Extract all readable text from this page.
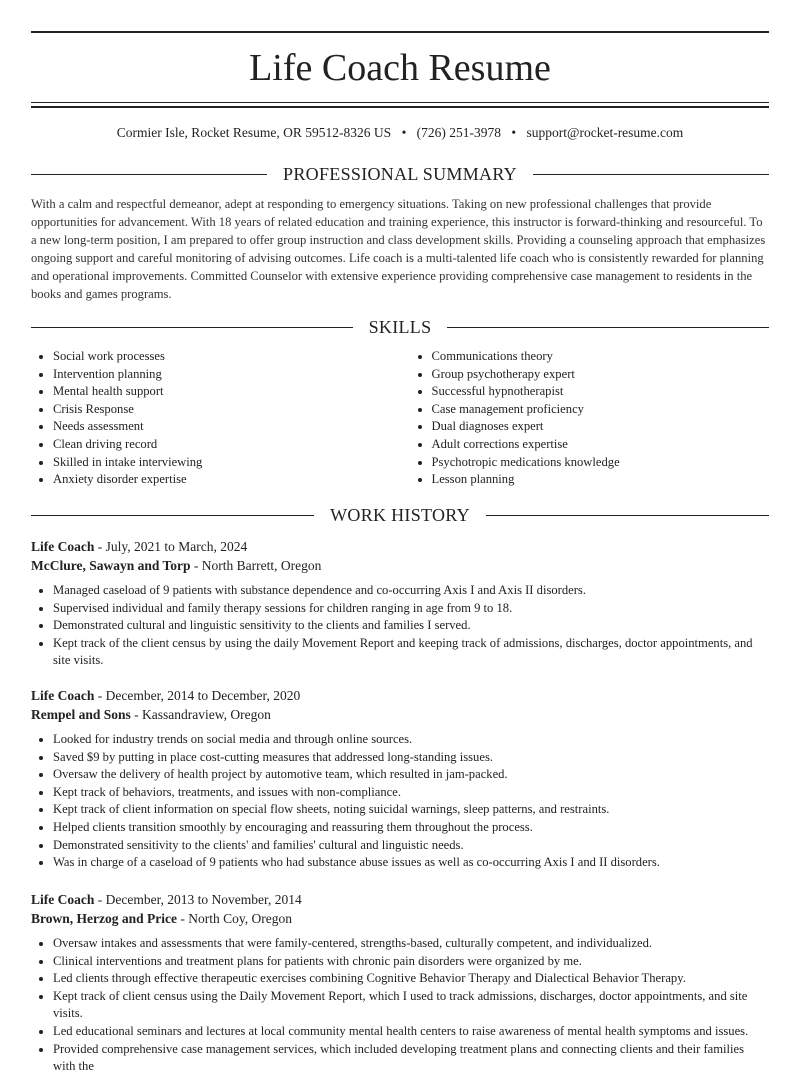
Life Coach Resume
Cormier Isle, Rocket Resume, OR 59512-8326 US • (726) 251-3978 • support@rocket-resume.com
PROFESSIONAL SUMMARY

With a calm and respectful demeanor, adept at responding to emergency situations. Taking on new professional challenges that provide opportunities for advancement. With 18 years of related education and training experience, this instructor is forward-thinking and resourceful. To a new long-term position, I am prepared to offer group instruction and class development skills. Providing a counseling approach that emphasizes ongoing support and careful monitoring of advising outcomes. Life coach is a multi-talented life coach who is consistently rewarded for planning and operational improvements. Committed Counselor with extensive experience providing comprehensive case management to residents in the books and games programs.

SKILLS
• Social work processes
• Intervention planning
• Mental health support
• Crisis Response
• Needs assessment
• Clean driving record
• Skilled in intake interviewing
• Anxiety disorder expertise
• Communications theory
• Group psychotherapy expert
• Successful hypnotherapist
• Case management proficiency
• Dual diagnoses expert
• Adult corrections expertise
• Psychotropic medications knowledge
• Lesson planning
WORK HISTORY
Life Coach - July, 2021 to March, 2024
McClure, Sawayn and Torp - North Barrett, Oregon
• Managed caseload of 9 patients with substance dependence and co-occurring Axis I and Axis II disorders.
• Supervised individual and family therapy sessions for children ranging in age from 9 to 18.
• Demonstrated cultural and linguistic sensitivity to the clients and families I served.
• Kept track of the client census by using the daily Movement Report and keeping track of admissions, discharges, doctor appointments, and site visits.
Life Coach - December, 2014 to December, 2020
Rempel and Sons - Kassandraview, Oregon
• Looked for industry trends on social media and through online sources.
• Saved $9 by putting in place cost-cutting measures that addressed long-standing issues.
• Oversaw the delivery of health project by automotive team, which resulted in jam-packed.
• Kept track of behaviors, treatments, and issues with non-compliance.
• Kept track of client information on special flow sheets, noting suicidal warnings, sleep patterns, and restraints.
• Helped clients transition smoothly by encouraging and reassuring them throughout the process.
• Demonstrated sensitivity to the clients' and families' cultural and linguistic needs.
• Was in charge of a caseload of 9 patients who had substance abuse issues as well as co-occurring Axis I and II disorders.
Life Coach - December, 2013 to November, 2014
Brown, Herzog and Price - North Coy, Oregon
• Oversaw intakes and assessments that were family-centered, strengths-based, culturally competent, and individualized.
• Clinical interventions and treatment plans for patients with chronic pain disorders were organized by me.
• Led clients through effective therapeutic exercises combining Cognitive Behavior Therapy and Dialectical Behavior Therapy.
• Kept track of client census using the Daily Movement Report, which I used to track admissions, discharges, doctor appointments, and site visits.
• Led educational seminars and lectures at local community mental health centers to raise awareness of mental health symptoms and issues.
• Provided comprehensive case management services, which included developing treatment plans and connecting clients and their families with the
